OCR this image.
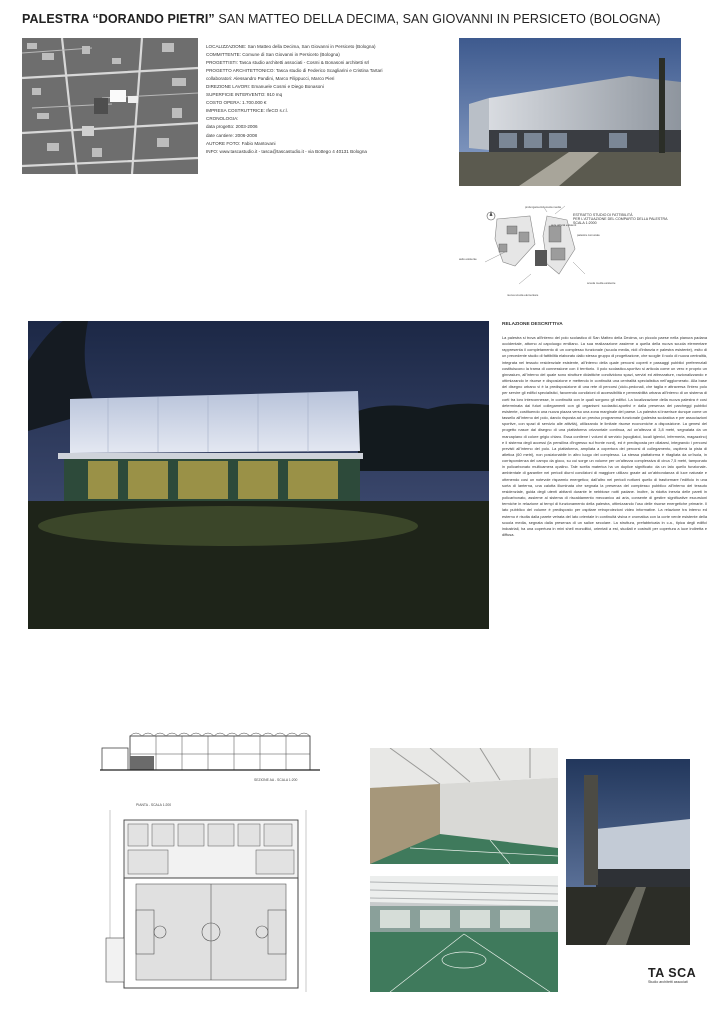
PALESTRA “DORANDO PIETRI” SAN MATTEO DELLA DECIMA, SAN GIOVANNI IN PERSICETO (BOLOGNA)
LOCALIZZAZIONE: San Matteo della Decima, San Giovanni in Persiceto (Bologna)
COMMITTENTE: Comune di San Giovanni in Persiceto (Bologna)
PROGETTISTI: Tasca studio architetti associati - Cosmi & Bonasoni architetti srl
PROGETTO ARCHITETTONICO: Tasca studio di Federico Scagliarini e Cristina Tartari
collaboratori: Alessandro Pandini, Marco Filippucci, Marco Pieri
DIREZIONE LAVORI: Emanuele Cosmi e Diego Bonasoni
SUPERFICIE INTERVENTO: 910 mq
COSTO OPERA: 1.700.000 €
IMPRESA COSTRUTTRICE: IfeCO s.r.l.
CRONOLOGIA:
data progetto: 2003-2006
date cantiere: 2006-2008
AUTORE FOTO: Fabio Mantovani
INFO: www.tascastudio.it - tasca@tascastudio.it - via Bottego 4 40131 Bologna
ESTRATTO STUDIO DI FATTIBILITÀ PER L'ATTUAZIONE DEL COMPARTO DELLA PALESTRA SCALA 1:2000
prolungamento scuola media
aule attività esistenti
palestra comunale
asilo esistente
scuola media esistente
nuova scuola elementare
RELAZIONE DESCRITTIVA
La palestra si trova all'interno del polo scolastico di San Matteo della Decima, un piccolo paese nella pianura padana occidentale, attorno al capoluogo emiliano. La sua realizzazione assieme a quella della nuova scuola elementare rappresenta il completamento di un complesso funzionale (scuola media, nidi d'infanzia e palestra esistente), esito di un precedente studio di fattibilità elaborato dallo stesso gruppo di progettazione, che scoglie il ruolo di nuova centralità, integrata nel tessuto residenziale esistente, all'interno della quale percorsi coperti e passaggi pubblici preferenziali costituiscono la trama di connessione con il territorio. Il polo scolastico-sportivo si articola come un vero e proprio un ginnasium, all'interno del quale sono strutture didattiche condividono spazi, servizi ed attrezzature, razionalizzando e ottimizzando le risorse e disposizione e mettendo in continuità una centralità specialistica nell'agglomerato. Alla base del disegno urbano vi è la predisposizione di una rete di percorsi (ciclo-pedonali, che taglia e attraversa l'intero polo per servire gli edifici specialistici, favorendo condizioni di accessibilità e permeabilità urbana all'interno di un sistema di corti tra loro interconnesse, in continuità con le quali sorgono gli edifici. La localizzazione della nuova palestra è così determinata dai futuri collegamenti con gli organismi scolastici-sportivi e dalla presenza dei parcheggi pubblici esistente, costituendo una nuova piazza verso una zona marginale del paese. La palestra si inserisce dunque come un tassello all'interno del polo, dando risposta ad un preciso programma funzionale (palestra scolastica e per associazioni sportive, con spazi di servizio alle attività), utilizzando le limitate risorse economiche a disposizione. La genesi del progetto nasce dal disegno di una piattaforma orizzontale continua, ad un'altezza di 3,8 metri, segnalata da un marcapiano di colore grigio chiaro. Essa contiene i volumi di servizio (spogliatoi, locali igienici, infermeria, magazzino) e il sistema degli accessi (la pensilina d'ingresso sul fronte nord), ed è predisposta per ollatarsi, integrando i percorsi previsti all'interno del polo. La piattaforma, ampliata a copertura dei percorsi di collegamento, ospiterà la pista di atletica (60 metri), non posizionabile in altro luogo del complesso. La stessa piattaforma è ritagliata da un'isola, in corrispondenza del campo da gioco, su cui sorge un volume per un'altezza complessiva di circa 7,5 metri, tamponato in policarbonato multicamera opalino. Tale scelta materica ha un duplice significato: da un lato quello funzionale-ambientale di garantire nei periodi diurni condizioni di maggiore utilizzo grazie ad un'abbondanza di luce naturale e ottenendo così un notevole risparmio energetico; dall'altro nei periodi notturni quello di trasformare l'edificio in una sorta di lanterna, una calotta illuminata che segnala la presenza del complesso pubblico all'interno del tessuto residenziale, guida degli utenti abitanti durante le nebbiose notti padane. Inoltre, la ridotta inerzia delle pareti in policarbonato, assieme al sistema di riscaldamento meccanico ad aria, consente di gestire significative escursioni termiche in relazione ai tempi di funzionamento della palestra, ottimizzando l'uso delle risorse energetiche primarie. Il lato pubblico del volume è predisposto per ospitare retroproiezioni video informative. La relazione tra interno ed esterno è risolta dalla parete vetrata del lato orientale in continuità visiva e cromatica con la corte verde esistente della scuola media, segnata dalla presenza di un salice secolare. La struttura, prefabbricata in c.a., tipica degli edifici industriali, ha una copertura in mini shell monolitici, orientati a est, studiati e costruiti per copertura a luce indiretta e diffusa.
SEZIONE AA - SCALA 1:200
PIANTA - SCALA 1:200
TA SCA
Studio architetti associati
